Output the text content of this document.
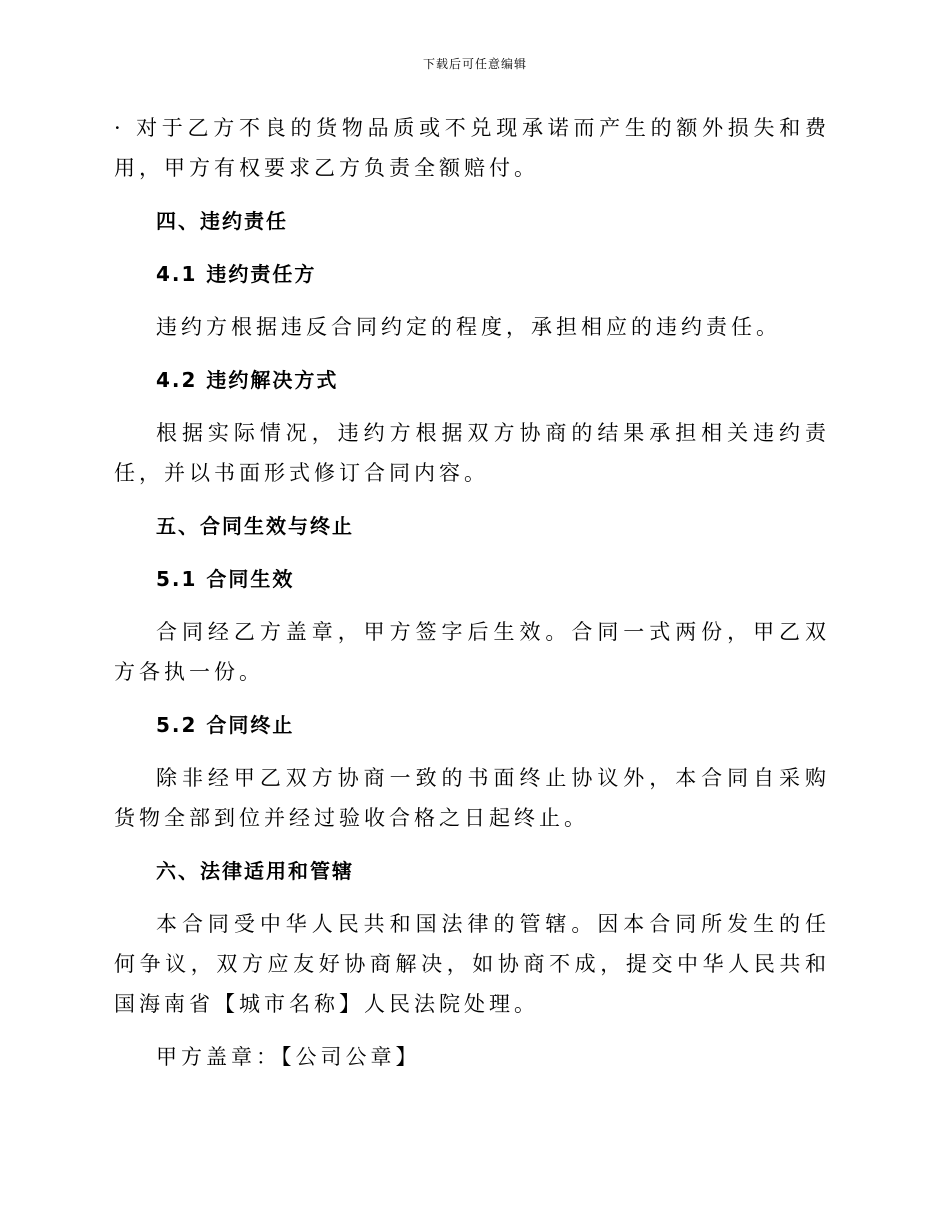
下载后可任意编辑

· 对于乙方不良的货物品质或不兑现承诺而产生的额外损失和费用，甲方有权要求乙方负责全额赔付。

四、违约责任
4.1 违约责任方

违约方根据违反合同约定的程度，承担相应的违约责任。

4.2 违约解决方式

根据实际情况，违约方根据双方协商的结果承担相关违约责任，并以书面形式修订合同内容。

五、合同生效与终止
5.1 合同生效

合同经乙方盖章，甲方签字后生效。合同一式两份，甲乙双方各执一份。

5.2 合同终止

除非经甲乙双方协商一致的书面终止协议外，本合同自采购货物全部到位并经过验收合格之日起终止。

六、法律适用和管辖

本合同受中华人民共和国法律的管辖。因本合同所发生的任何争议，双方应友好协商解决，如协商不成，提交中华人民共和国海南省【城市名称】人民法院处理。

甲方盖章：【公司公章】
